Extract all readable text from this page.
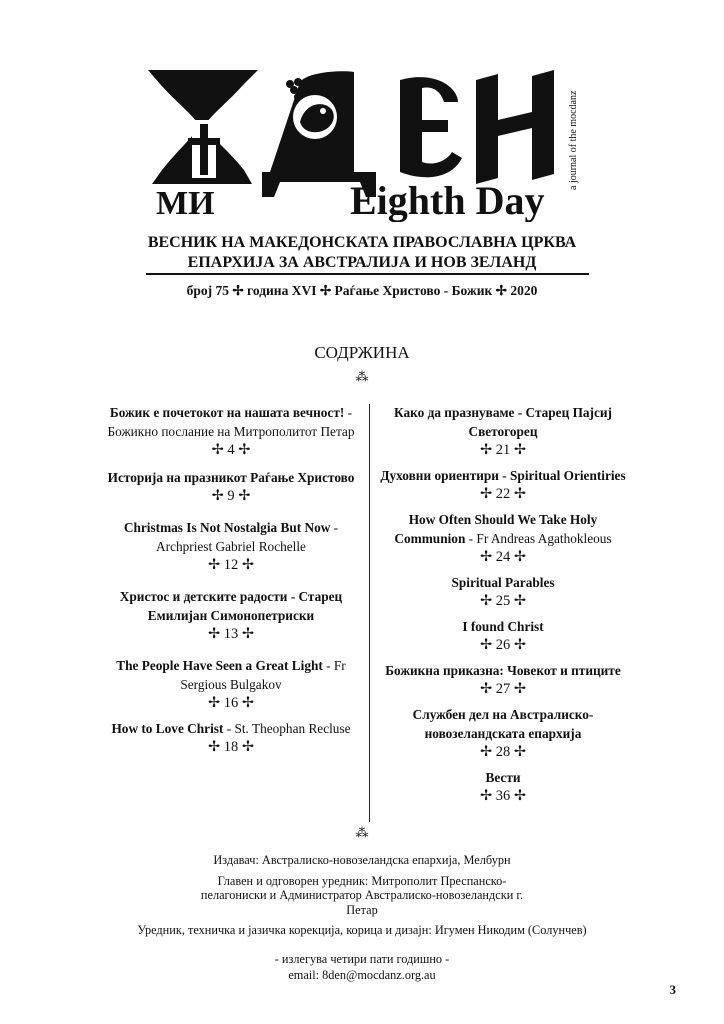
МИ	Eighth Day
a journal of the mocdanz
ВЕСНИК НА МАКЕДОНСКАТА ПРАВОСЛАВНА ЦРКВА
ЕПАРХИЈА ЗА АВСТРАЛИЈА И НОВ ЗЕЛАНД
број 75 ✢ година XVI ✢ Раѓање Христово - Божик ✢ 2020
СОДРЖИНА
⁂
Божик е почетокот на нашата вечност! - Божикно послание на Митрополитот Петар
✢ 4 ✢
Историја на празникот Раѓање Христово
✢ 9 ✢
Christmas Is Not Nostalgia But Now - Archpriest Gabriel Rochelle
✢ 12 ✢
Христос и детските радости - Старец Емилијан Симонопетриски
✢ 13 ✢
The People Have Seen a Great Light - Fr Sergious Bulgakov
✢ 16 ✢
How to Love Christ - St. Theophan Recluse
✢ 18 ✢
Како да празнуваме - Старец Пајсиј Светогорец
✢ 21 ✢
Духовни ориентири - Spiritual Orientiries
✢ 22 ✢
How Often Should We Take Holy Communion - Fr Andreas Agathokleous
✢ 24 ✢
Spiritual Parables
✢ 25 ✢
I found Christ
✢ 26 ✢
Божикна приказна: Човекот и птиците
✢ 27 ✢
Службен дел на Австралиско-новозеландската епархија
✢ 28 ✢
Вести
✢ 36 ✢
⁂

Издавач: Австралиско-новозеландска епархија, Мелбурн

Главен и одговорен уредник: Митрополит Преспанско-пелагониски и Администратор Австралиско-новозеландски г. Петар

Уредник, техничка и јазичка корекција, корица и дизајн: Игумен Никодим (Солунчев)

- излегува четири пати годишно -

email: 8den@mocdanz.org.au

3
